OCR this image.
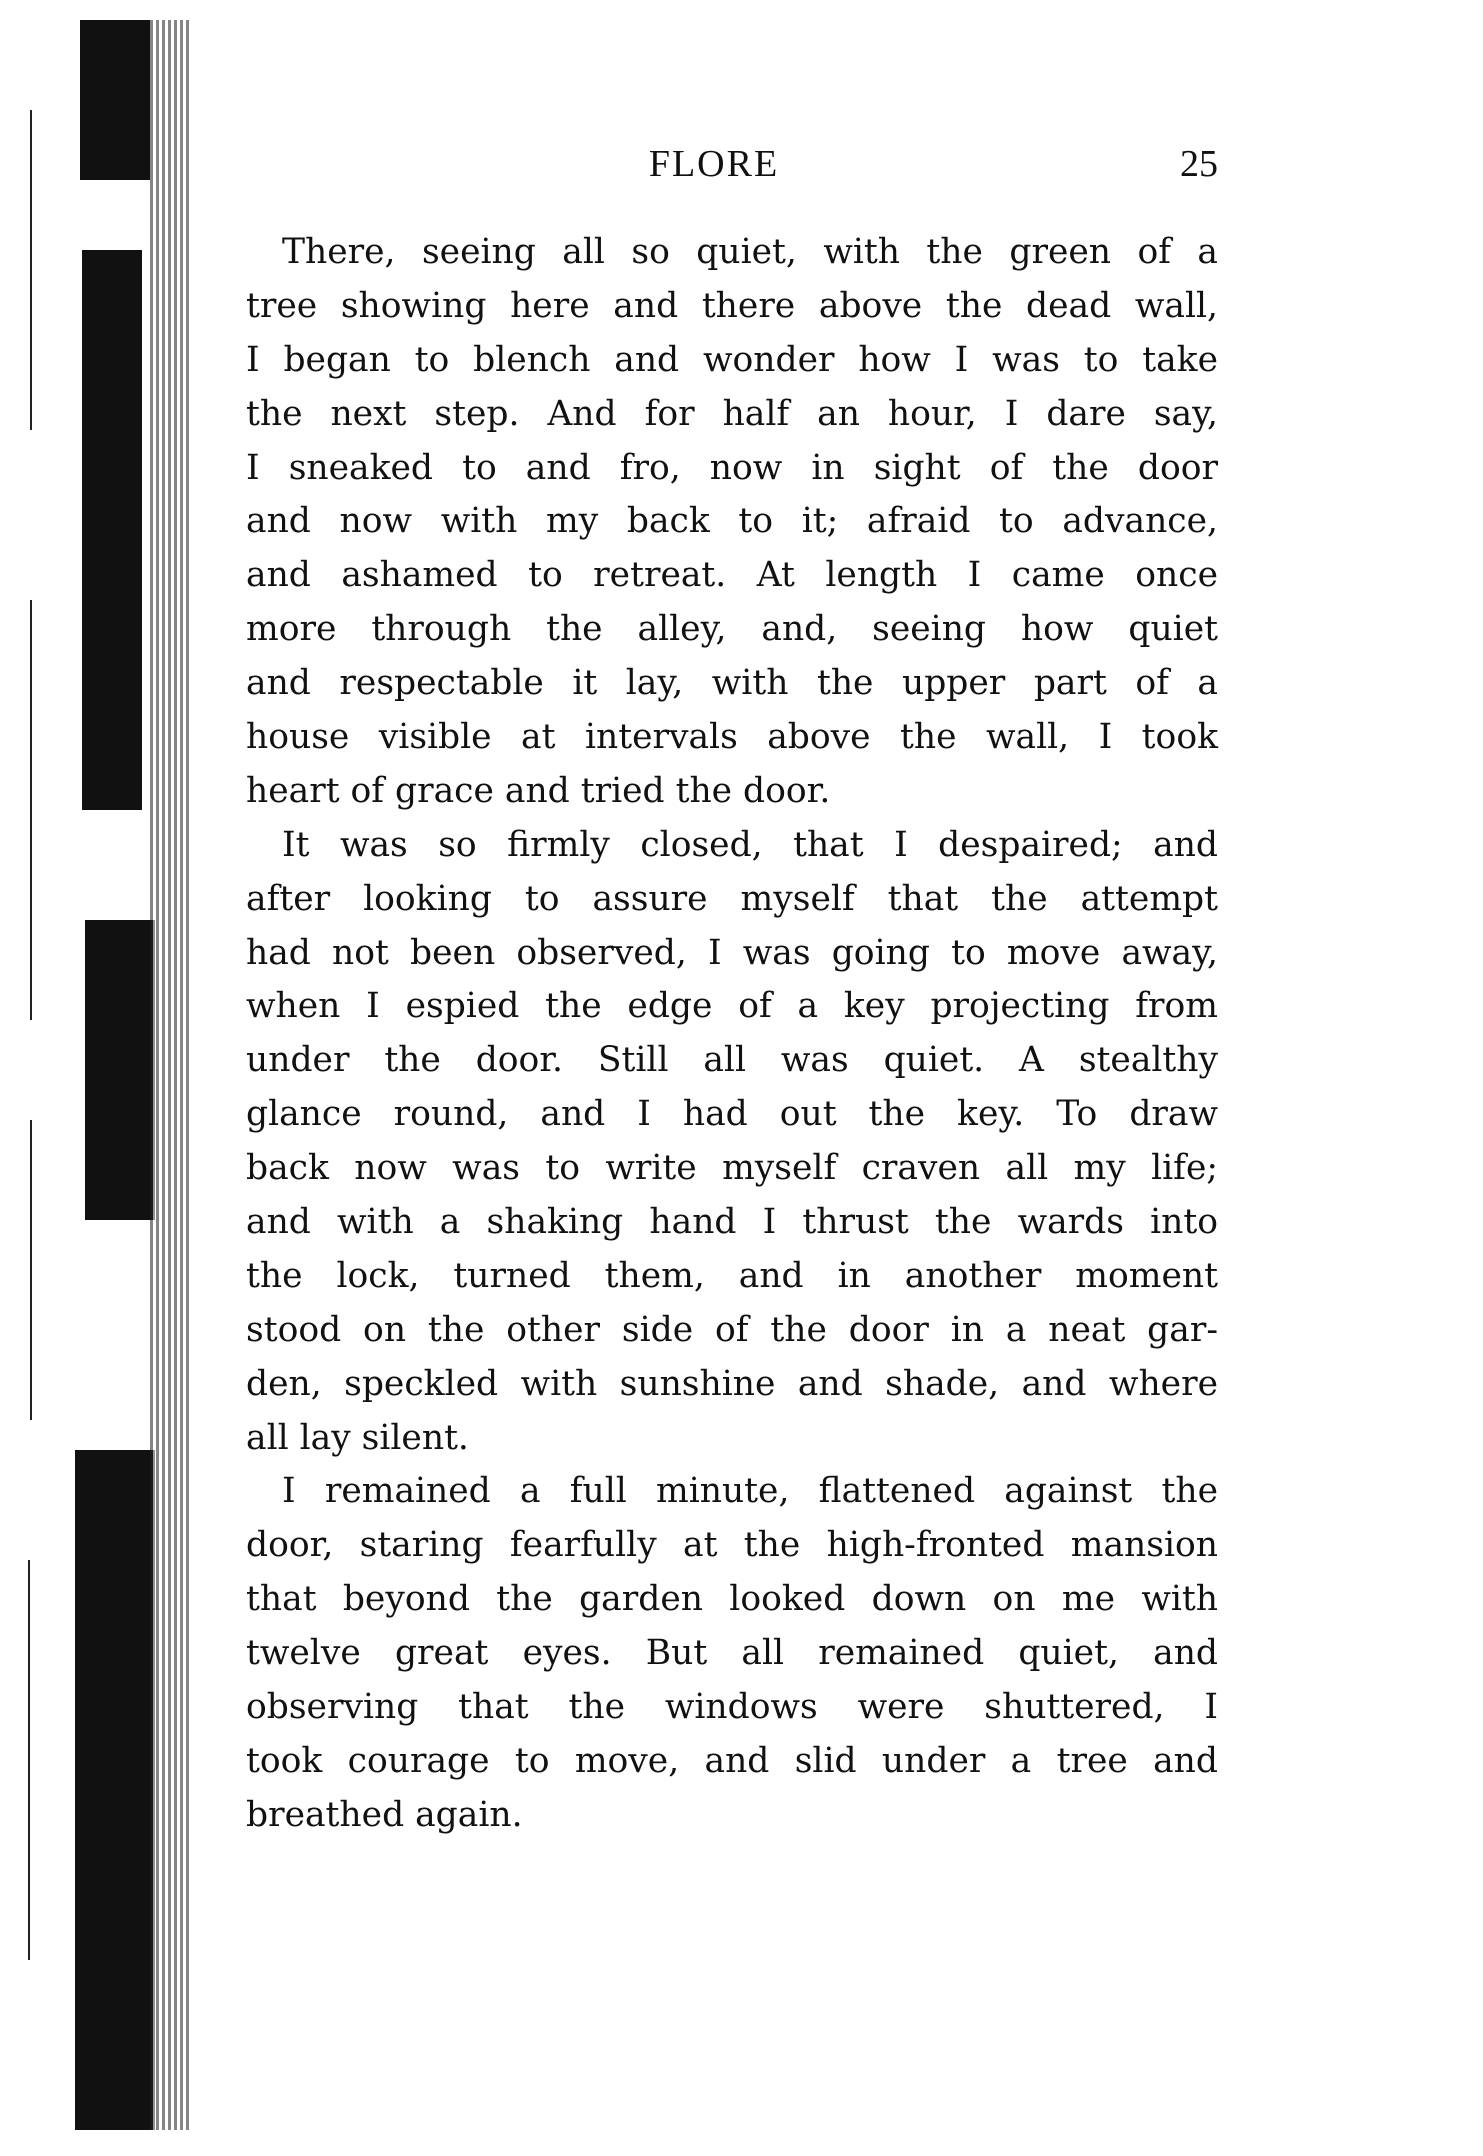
FLORE	25

There, seeing all so quiet, with the green of a
tree showing here and there above the dead wall,
I began to blench and wonder how I was to take
the next step. And for half an hour, I dare say,
I sneaked to and fro, now in sight of the door
and now with my back to it; afraid to advance,
and ashamed to retreat. At length I came once
more through the alley, and, seeing how quiet
and respectable it lay, with the upper part of a
house visible at intervals above the wall, I took
heart of grace and tried the door.

It was so firmly closed, that I despaired; and
after looking to assure myself that the attempt
had not been observed, I was going to move away,
when I espied the edge of a key projecting from
under the door. Still all was quiet. A stealthy
glance round, and I had out the key. To draw
back now was to write myself craven all my life;
and with a shaking hand I thrust the wards into
the lock, turned them, and in another moment
stood on the other side of the door in a neat gar-
den, speckled with sunshine and shade, and where
all lay silent.

I remained a full minute, flattened against the
door, staring fearfully at the high-fronted mansion
that beyond the garden looked down on me with
twelve great eyes. But all remained quiet, and
observing that the windows were shuttered, I
took courage to move, and slid under a tree and
breathed again.
